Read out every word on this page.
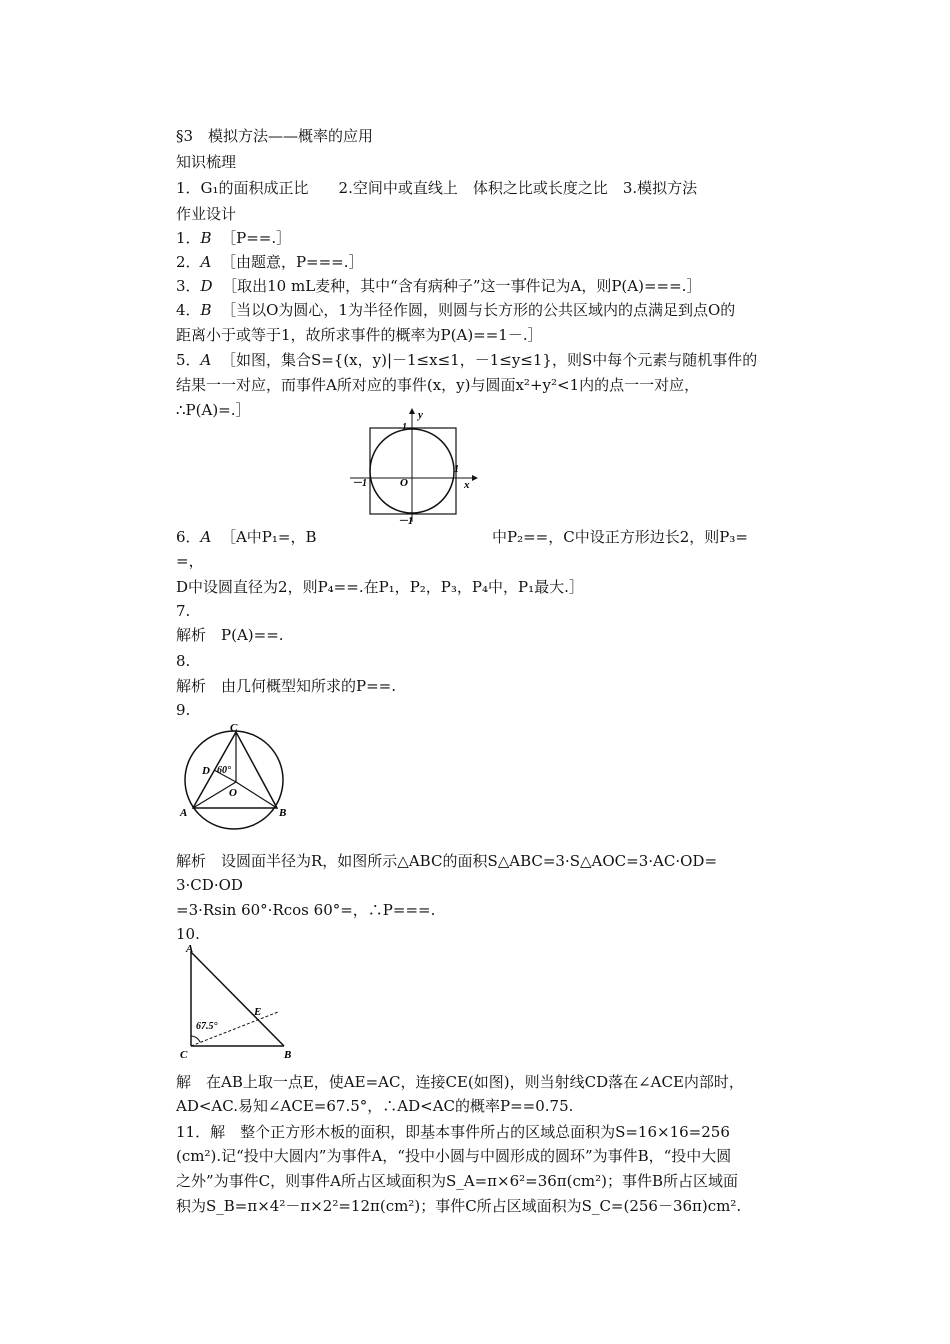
§3　模拟方法——概率的应用
知识梳理
1．G₁的面积成正比　　2.空间中或直线上　体积之比或长度之比　3.模拟方法
作业设计
1．B ［P==.］
2．A ［由题意，P===.］
3．D ［取出10 mL麦种，其中“含有病种子”这一事件记为A，则P(A)===.］
4．B ［当以O为圆心，1为半径作圆，则圆与长方形的公共区域内的点满足到点O的
距离小于或等于1，故所求事件的概率为P(A)==1－.］
5．A ［如图，集合S={(x，y)|－1≤x≤1，－1≤y≤1}，则S中每个元素与随机事件的
结果一一对应，而事件A所对应的事件(x，y)与圆面x²+y²<1内的点一一对应，
∴P(A)=.］	y
x
1
1
－1
－1
O
6．A ［A中P₁=，B	中P₂==，C中设正方形边长2，则P₃=
=，
D中设圆直径为2，则P₄==.在P₁，P₂，P₃，P₄中，P₁最大.］
7.
解析　P(A)==.
8.
解析　由几何概型知所求的P==.
9.
C
D 60°
O
A	B
解析　设圆面半径为R，如图所示△ABC的面积S△ABC=3·S△AOC=3·AC·OD=
3·CD·OD
=3·Rsin 60°·Rcos 60°=，∴P===.
10.
A
E
67.5°
C	B
解　在AB上取一点E，使AE=AC，连接CE(如图)，则当射线CD落在∠ACE内部时，
AD<AC.易知∠ACE=67.5°，∴AD<AC的概率P==0.75.
11．解　整个正方形木板的面积，即基本事件所占的区域总面积为S=16×16=256
(cm²).记“投中大圆内”为事件A，“投中小圆与中圆形成的圆环”为事件B，“投中大圆
之外”为事件C，则事件A所占区域面积为S_A=π×6²=36π(cm²)；事件B所占区域面
积为S_B=π×4²－π×2²=12π(cm²)；事件C所占区域面积为S_C=(256－36π)cm².
